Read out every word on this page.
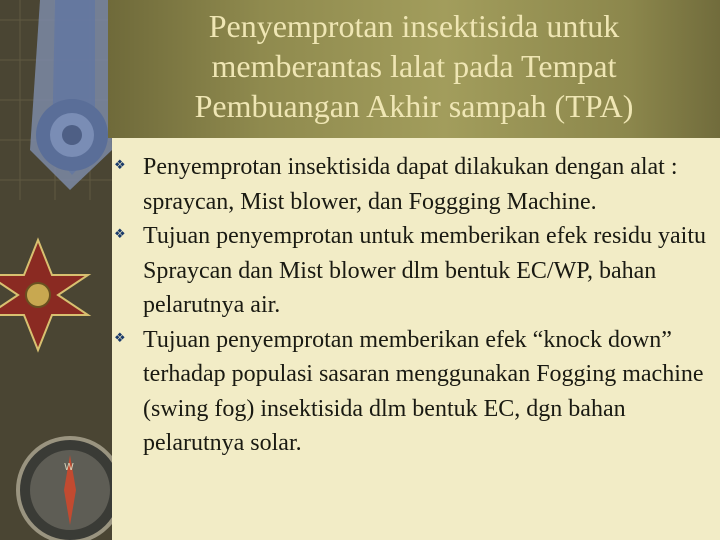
W
Penyemprotan insektisida untuk memberantas lalat pada Tempat Pembuangan Akhir sampah (TPA)
❖ Penyemprotan insektisida dapat dilakukan dengan alat : spraycan, Mist blower, dan Foggging Machine.
❖ Tujuan penyemprotan untuk memberikan efek residu yaitu Spraycan dan Mist blower dlm bentuk EC/WP, bahan pelarutnya air.
❖ Tujuan penyemprotan memberikan efek “knock down” terhadap populasi sasaran menggunakan Fogging machine (swing fog) insektisida dlm bentuk EC, dgn bahan pelarutnya solar.
